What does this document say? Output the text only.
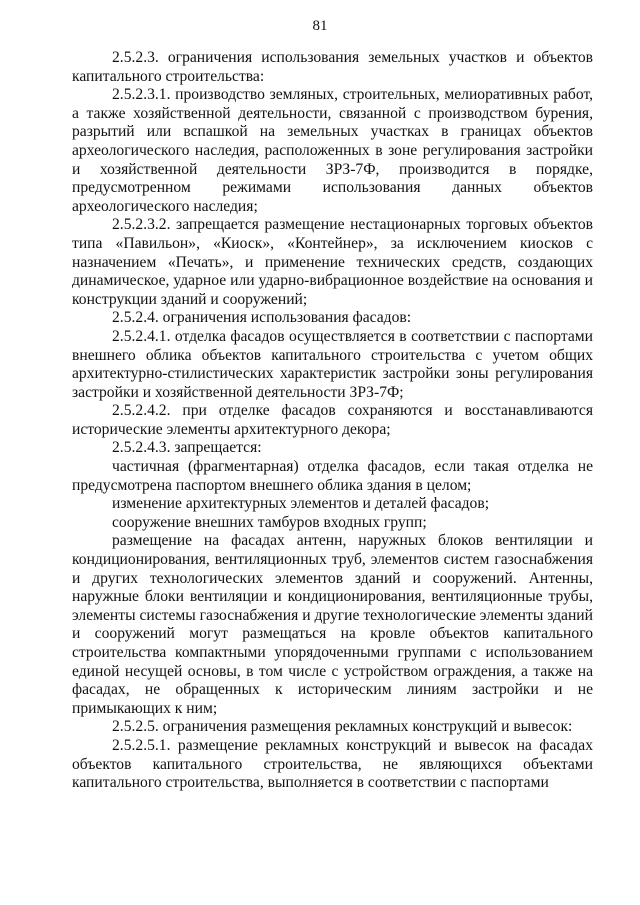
81

2.5.2.3. ограничения использования земельных участков и объектов капитального строительства:

2.5.2.3.1. производство земляных, строительных, мелиоративных работ, а также хозяйственной деятельности, связанной с производством бурения, разрытий или вспашкой на земельных участках в границах объектов археологического наследия, расположенных в зоне регулирования застройки и хозяйственной деятельности ЗРЗ-7Ф, производится в порядке, предусмотренном режимами использования данных объектов археологического наследия;

2.5.2.3.2. запрещается размещение нестационарных торговых объектов типа «Павильон», «Киоск», «Контейнер», за исключением киосков с назначением «Печать», и применение технических средств, создающих динамическое, ударное или ударно-вибрационное воздействие на основания и конструкции зданий и сооружений;

2.5.2.4. ограничения использования фасадов:

2.5.2.4.1. отделка фасадов осуществляется в соответствии с паспортами внешнего облика объектов капитального строительства с учетом общих архитектурно-стилистических характеристик застройки зоны регулирования застройки и хозяйственной деятельности ЗРЗ-7Ф;

2.5.2.4.2. при отделке фасадов сохраняются и восстанавливаются исторические элементы архитектурного декора;

2.5.2.4.3. запрещается:

частичная (фрагментарная) отделка фасадов, если такая отделка не предусмотрена паспортом внешнего облика здания в целом;

изменение архитектурных элементов и деталей фасадов;

сооружение внешних тамбуров входных групп;

размещение на фасадах антенн, наружных блоков вентиляции и кондиционирования, вентиляционных труб, элементов систем газоснабжения и других технологических элементов зданий и сооружений. Антенны, наружные блоки вентиляции и кондиционирования, вентиляционные трубы, элементы системы газоснабжения и другие технологические элементы зданий и сооружений могут размещаться на кровле объектов капитального строительства компактными упорядоченными группами с использованием единой несущей основы, в том числе с устройством ограждения, а также на фасадах, не обращенных к историческим линиям застройки и не примыкающих к ним;

2.5.2.5. ограничения размещения рекламных конструкций и вывесок:

2.5.2.5.1. размещение рекламных конструкций и вывесок на фасадах объектов капитального строительства, не являющихся объектами капитального строительства, выполняется в соответствии с паспортами
